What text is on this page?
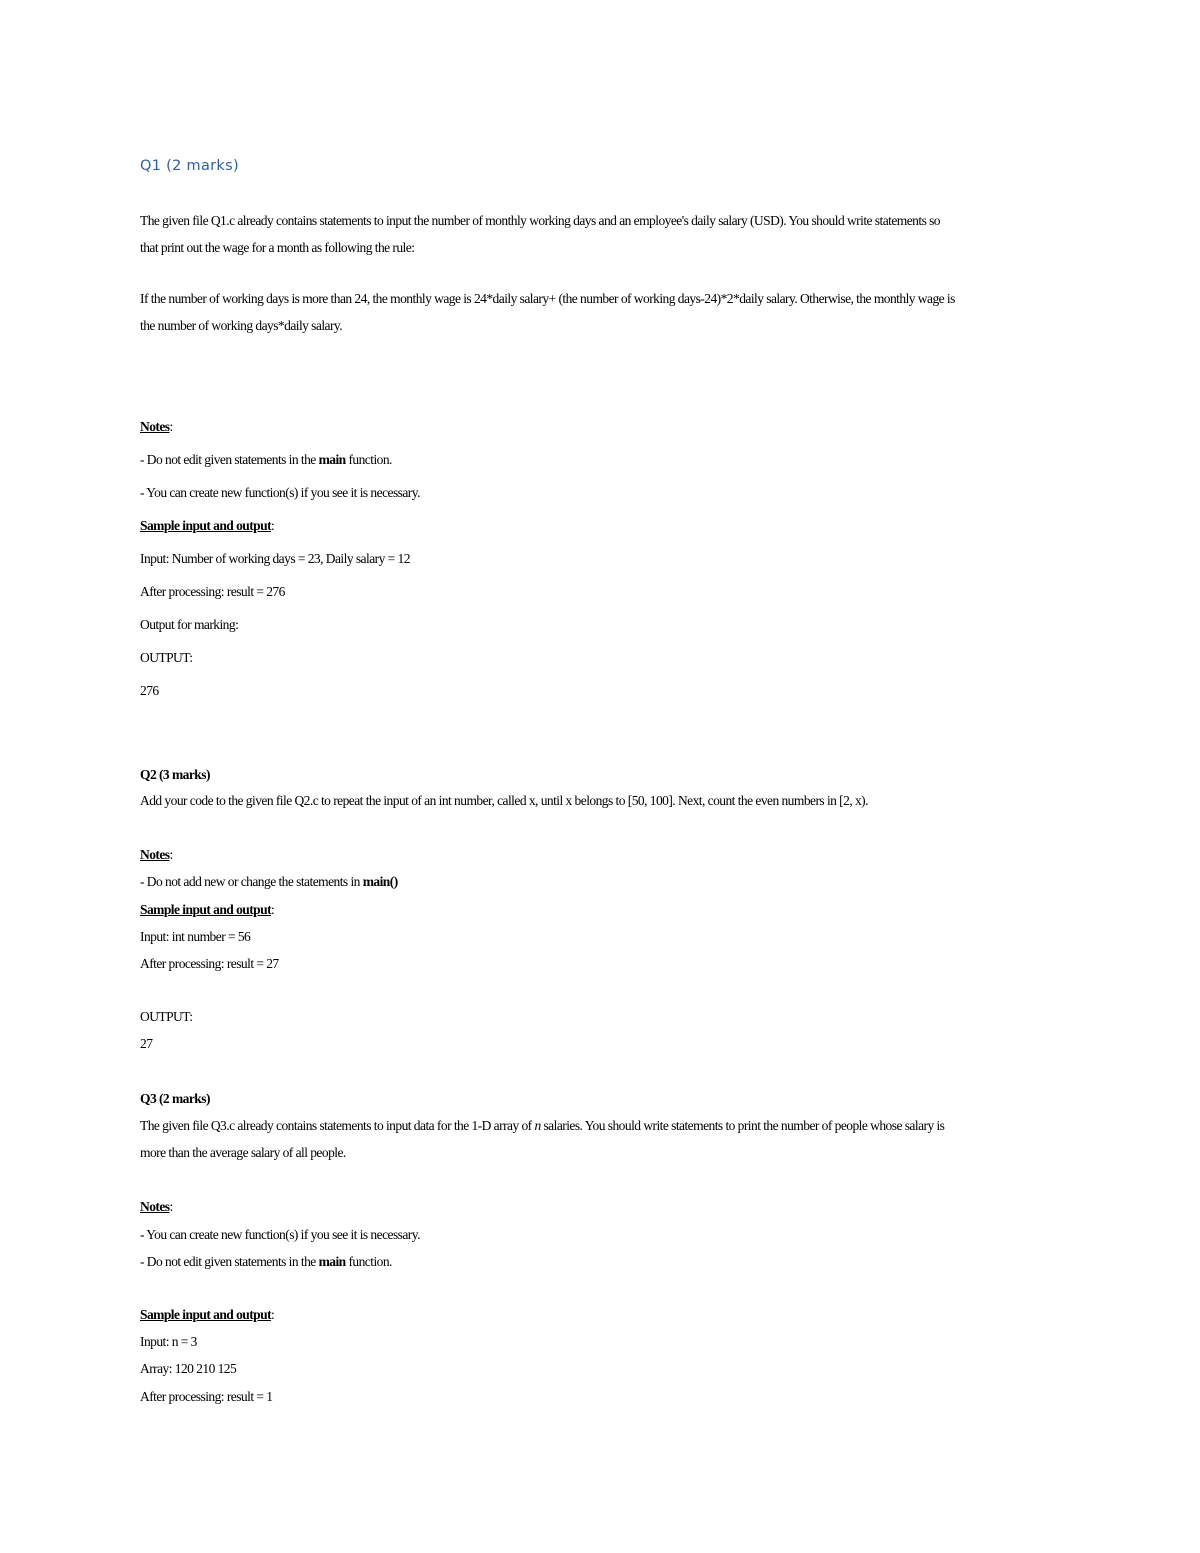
Q1 (2 marks)
The given file Q1.c already contains statements to input the number of monthly working days and an employee's daily salary (USD). You should write statements so
that print out the wage for a month as following the rule:
If the number of working days is more than 24, the monthly wage is 24*daily salary+ (the number of working days-24)*2*daily salary. Otherwise, the monthly wage is
the number of working days*daily salary.
Notes:
- Do not edit given statements in the main function.
- You can create new function(s) if you see it is necessary.
Sample input and output:
Input: Number of working days = 23, Daily salary = 12
After processing: result = 276
Output for marking:
OUTPUT:
276
Q2 (3 marks)
Add your code to the given file Q2.c to repeat the input of an int number, called x, until x belongs to [50, 100]. Next, count the even numbers in [2, x).
Notes:
- Do not add new or change the statements in main()
Sample input and output:
Input: int number = 56
After processing: result = 27
OUTPUT:
27
Q3 (2 marks)
The given file Q3.c already contains statements to input data for the 1-D array of n salaries. You should write statements to print the number of people whose salary is
more than the average salary of all people.
Notes:
- You can create new function(s) if you see it is necessary.
- Do not edit given statements in the main function.
Sample input and output:
Input: n = 3
Array: 120 210 125
After processing: result = 1
